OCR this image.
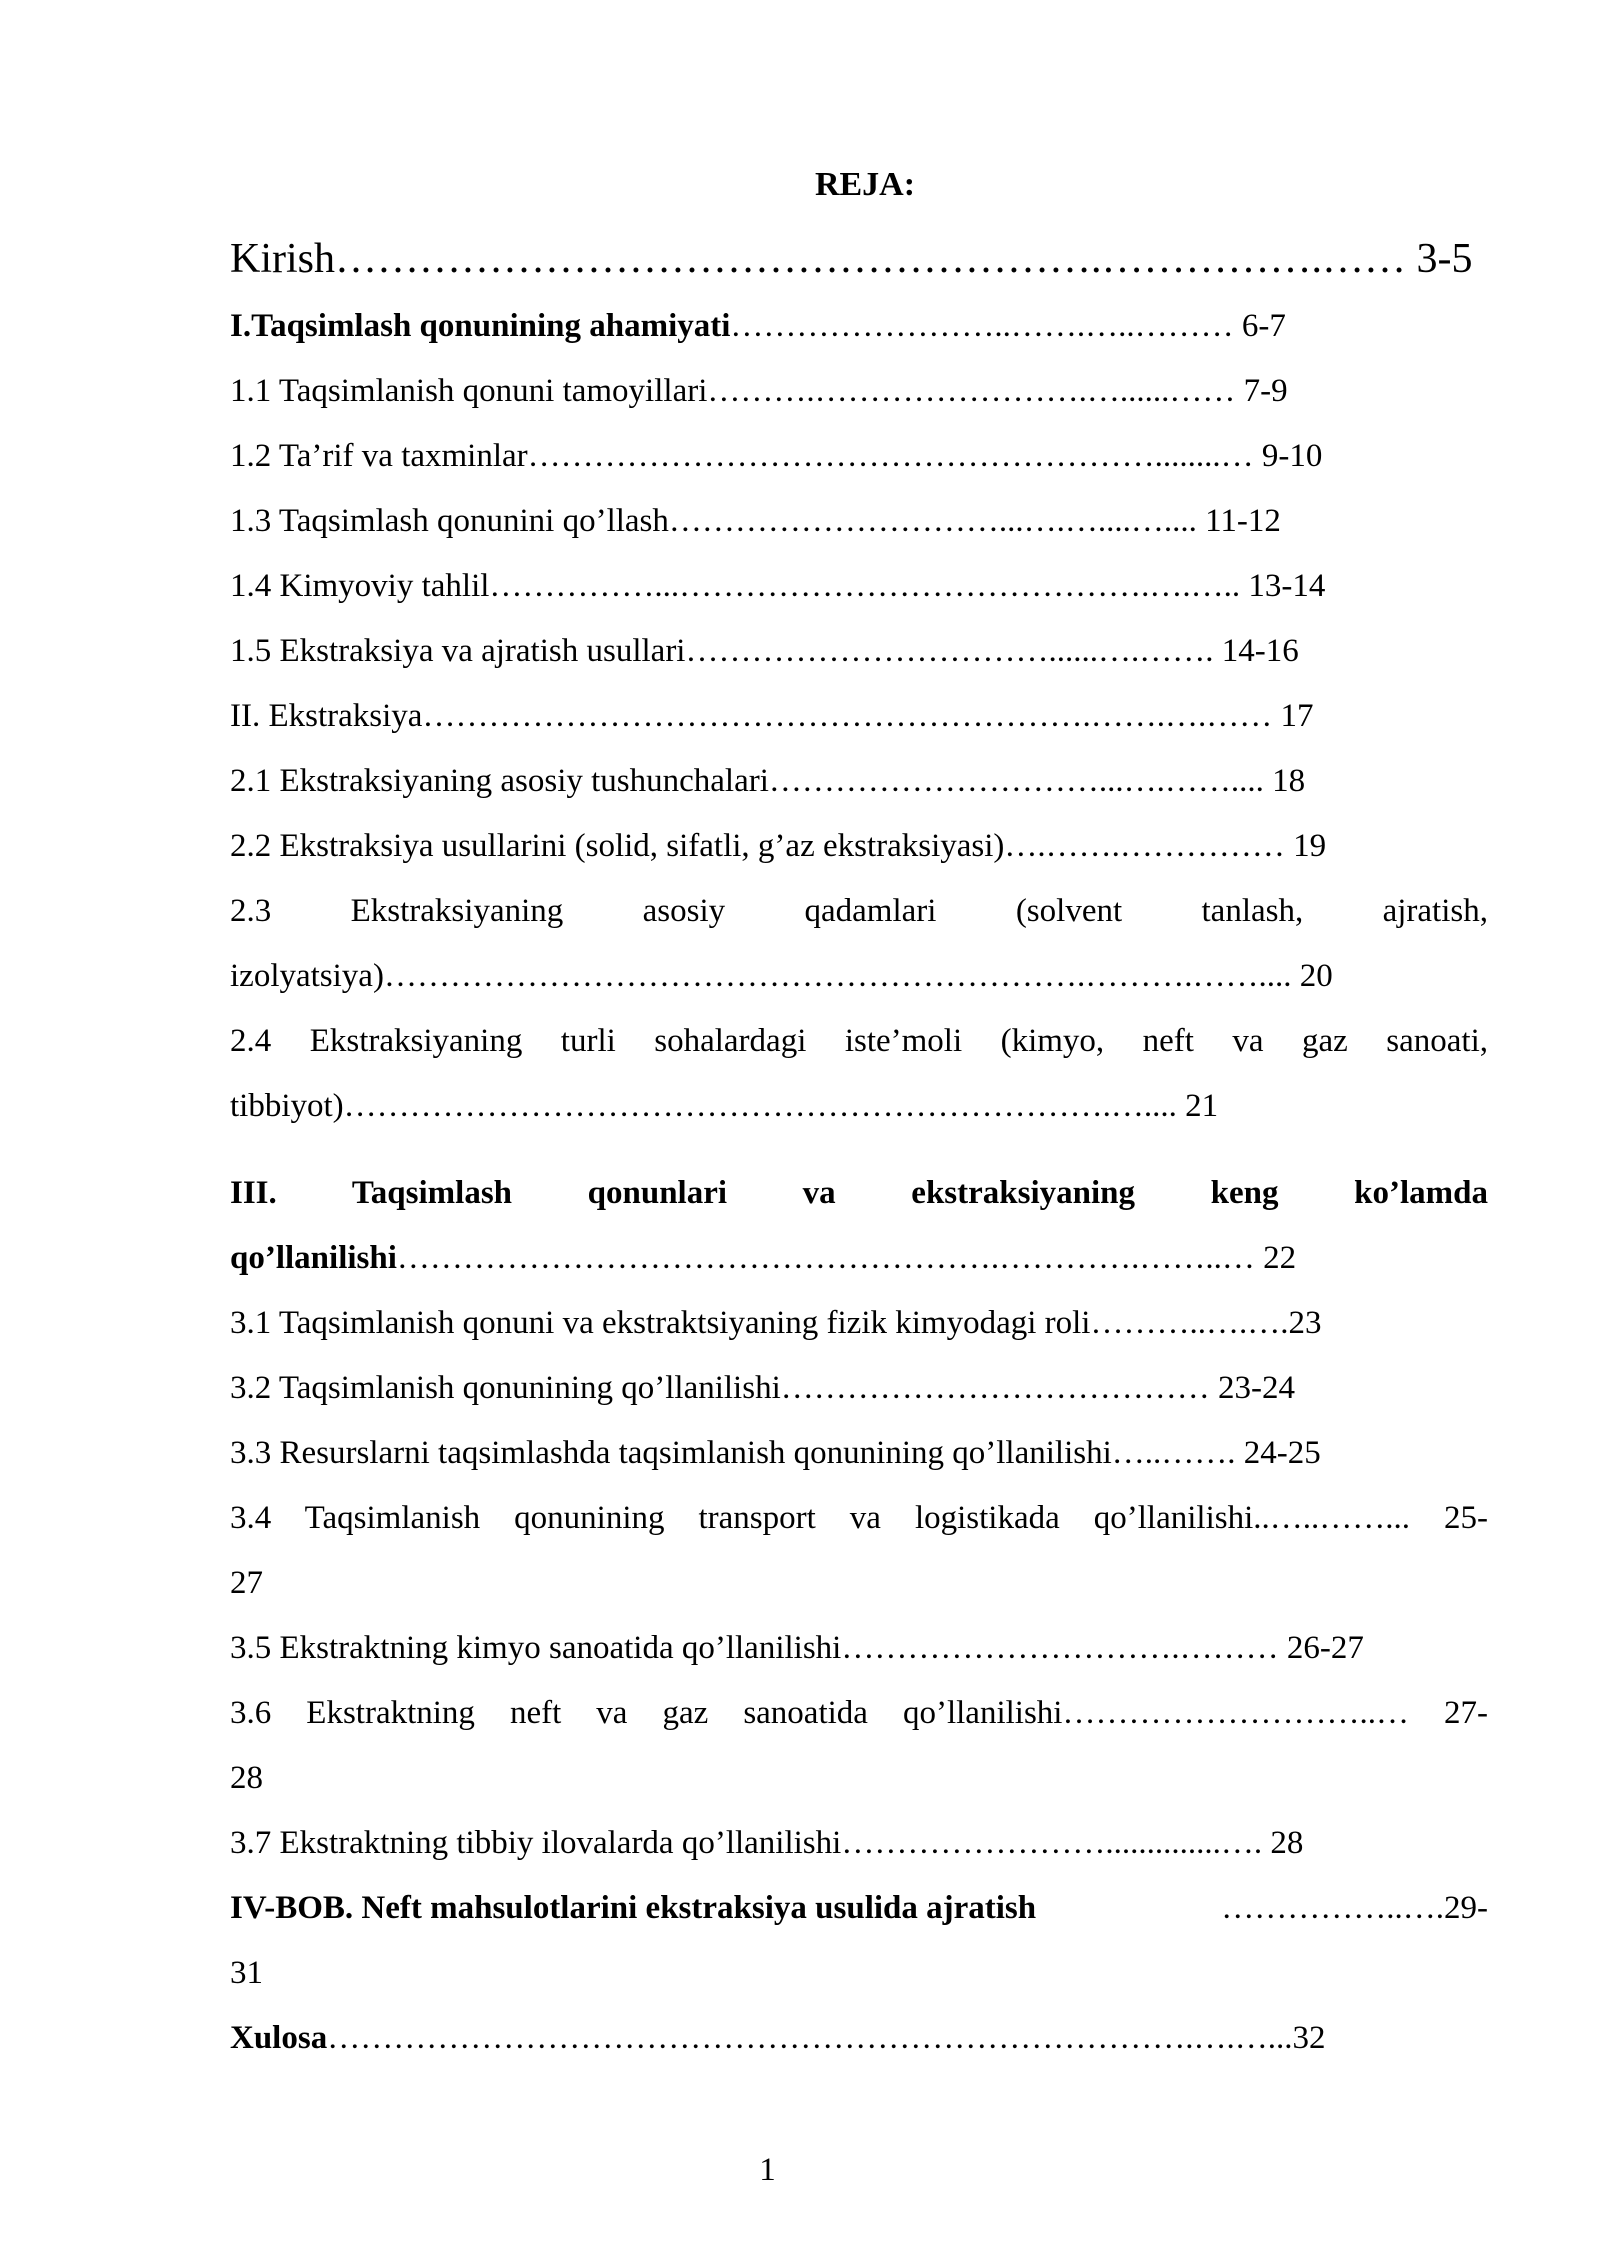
REJA:
Kirish……………………………………………….…………….…… 3-5
I.Taqsimlash qonunining ahamiyati……………………..…….…..……… 6-7
1.1 Taqsimlanish qonuni tamoyillari……….…………………….…......…… 7-9
1.2 Ta’rif va taxminlar…………………………………………………........… 9-10
1.3 Taqsimlash qonunini qo’llash…………………………...….…....….... 11-12
1.4 Kimyoviy tahlil……………...…………………………………….….….. 13-14
1.5 Ekstraksiya va ajratish usullari……………………………......….……. 14-16
II. Ekstraksiya…………………………………………………….…….….…… 17
2.1 Ekstraksiyaning asosiy tushunchalari…………………………...….…….... 18
2.2 Ekstraksiya usullarini (solid, sifatli, g’az ekstraksiyasi)….…….…………… 19
2.3 Ekstraksiyaning asosiy qadamlari (solvent tanlash, ajratish,
izolyatsiya)……………………………………………………….……….…….... 20
2.4 Ekstraksiyaning turli sohalardagi iste’moli (kimyo, neft va gaz sanoati,
tibbiyot)…………………………………………………………….….... 21
III. Taqsimlash qonunlari va ekstraksiyaning keng ko’lamda
qo’llanilishi……………………………………………….………….……..… 22
3.1 Taqsimlanish qonuni va ekstraktsiyaning fizik kimyodagi roli………..….….23
3.2 Taqsimlanish qonunining qo’llanilishi………………………………… 23-24
3.3 Resurslarni taqsimlashda taqsimlanish qonunining qo’llanilishi…..……. 24-25
3.4 Taqsimlanish qonunining transport va logistikada qo’llanilishi..…..……... 25-
27
3.5 Ekstraktning kimyo sanoatida qo’llanilishi………………………….……… 26-27
3.6 Ekstraktning neft va gaz sanoatida qo’llanilishi………………………..… 27-
28
3.7 Ekstraktning tibbiy ilovalarda qo’llanilishi……………………..............…. 28
IV-BOB. Neft mahsulotlarini ekstraksiya usulida ajratish	……………..….29-
31
Xulosa…………………………………………………………………….….…...32
1
